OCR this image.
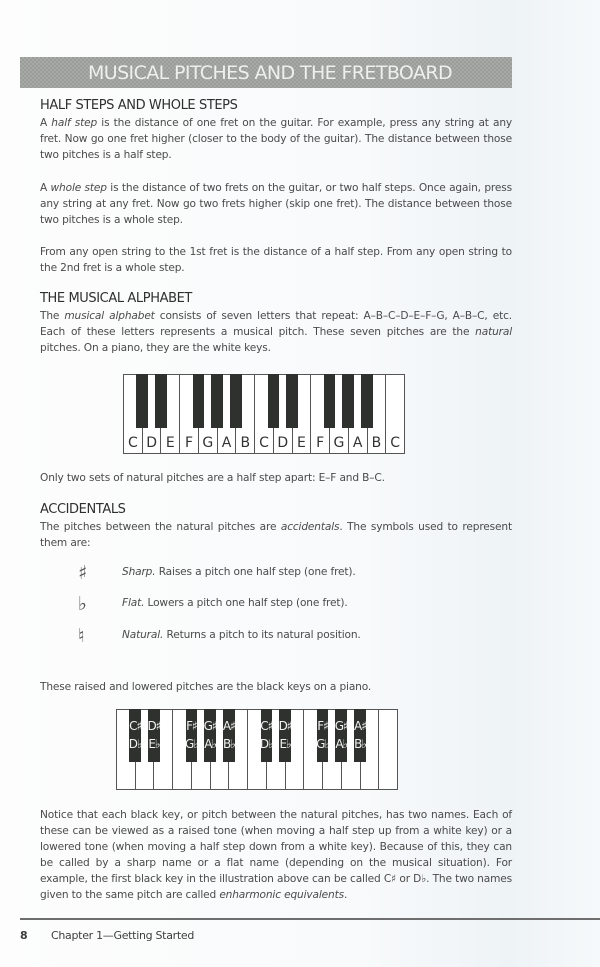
MUSICAL PITCHES AND THE FRETBOARD
HALF STEPS AND WHOLE STEPS
A half step is the distance of one fret on the guitar. For example, press any string at any fret. Now go one fret higher (closer to the body of the guitar). The distance between those two pitches is a half step.
A whole step is the distance of two frets on the guitar, or two half steps. Once again, press any string at any fret. Now go two frets higher (skip one fret). The distance between those two pitches is a whole step.
From any open string to the 1st fret is the distance of a half step. From any open string to the 2nd fret is a whole step.
THE MUSICAL ALPHABET
The musical alphabet consists of seven letters that repeat: A–B–C–D–E–F–G, A–B–C, etc. Each of these letters represents a musical pitch. These seven pitches are the natural pitches. On a piano, they are the white keys.
C D E F G A B C D E F G A B C
Only two sets of natural pitches are a half step apart: E–F and B–C.
ACCIDENTALS
The pitches between the natural pitches are accidentals. The symbols used to represent them are:
♯	Sharp. Raises a pitch one half step (one fret).
♭	Flat. Lowers a pitch one half step (one fret).
♮	Natural. Returns a pitch to its natural position.
These raised and lowered pitches are the black keys on a piano.
C♯
D♭
D♯
E♭
F♯
G♭
G♯
A♭
A♯
B♭
C♯
D♭
D♯
E♭
F♯
G♭
G♯
A♭
A♯
B♭
Notice that each black key, or pitch between the natural pitches, has two names. Each of these can be viewed as a raised tone (when moving a half step up from a white key) or a lowered tone (when moving a half step down from a white key). Because of this, they can be called by a sharp name or a flat name (depending on the musical situation). For example, the first black key in the illustration above can be called C♯ or D♭. The two names given to the same pitch are called enharmonic equivalents.
8 Chapter 1—Getting Started
